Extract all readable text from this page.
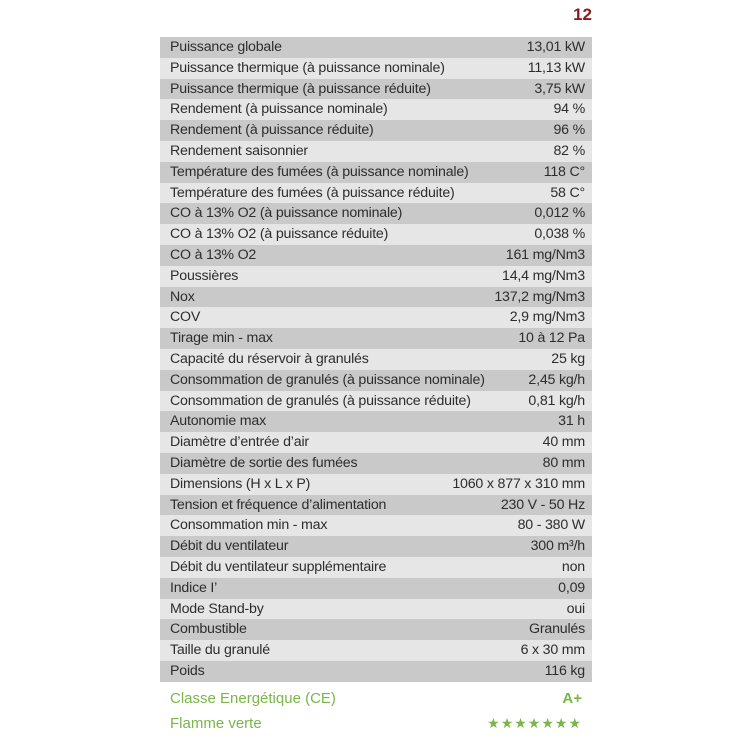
12
Puissance globale	13,01 kW
Puissance thermique (à puissance nominale)	11,13 kW
Puissance thermique (à puissance réduite)	3,75 kW
Rendement (à puissance nominale)	94 %
Rendement (à puissance réduite)	96 %
Rendement saisonnier	82 %
Température des fumées (à puissance nominale)	118 C°
Température des fumées (à puissance réduite)	58 C°
CO à 13% O2 (à puissance nominale)	0,012 %
CO à 13% O2 (à puissance réduite)	0,038 %
CO à 13% O2	161 mg/Nm3
Poussières	14,4 mg/Nm3
Nox	137,2 mg/Nm3
COV	2,9 mg/Nm3
Tirage min - max	10 à 12 Pa
Capacité du réservoir à granulés	25 kg
Consommation de granulés (à puissance nominale)	2,45 kg/h
Consommation de granulés (à puissance réduite)	0,81 kg/h
Autonomie max	31 h
Diamètre d’entrée d’air	40 mm
Diamètre de sortie des fumées	80 mm
Dimensions (H x L x P)	1060 x 877 x 310 mm
Tension et fréquence d’alimentation	230 V - 50 Hz
Consommation min - max	80 - 380 W
Débit du ventilateur	300 m³/h
Débit du ventilateur supplémentaire	non
Indice I’	0,09
Mode Stand-by	oui
Combustible	Granulés
Taille du granulé	6 x 30 mm
Poids	116 kg
Classe Energétique (CE)	A+
Flamme verte	★★★★★★★
